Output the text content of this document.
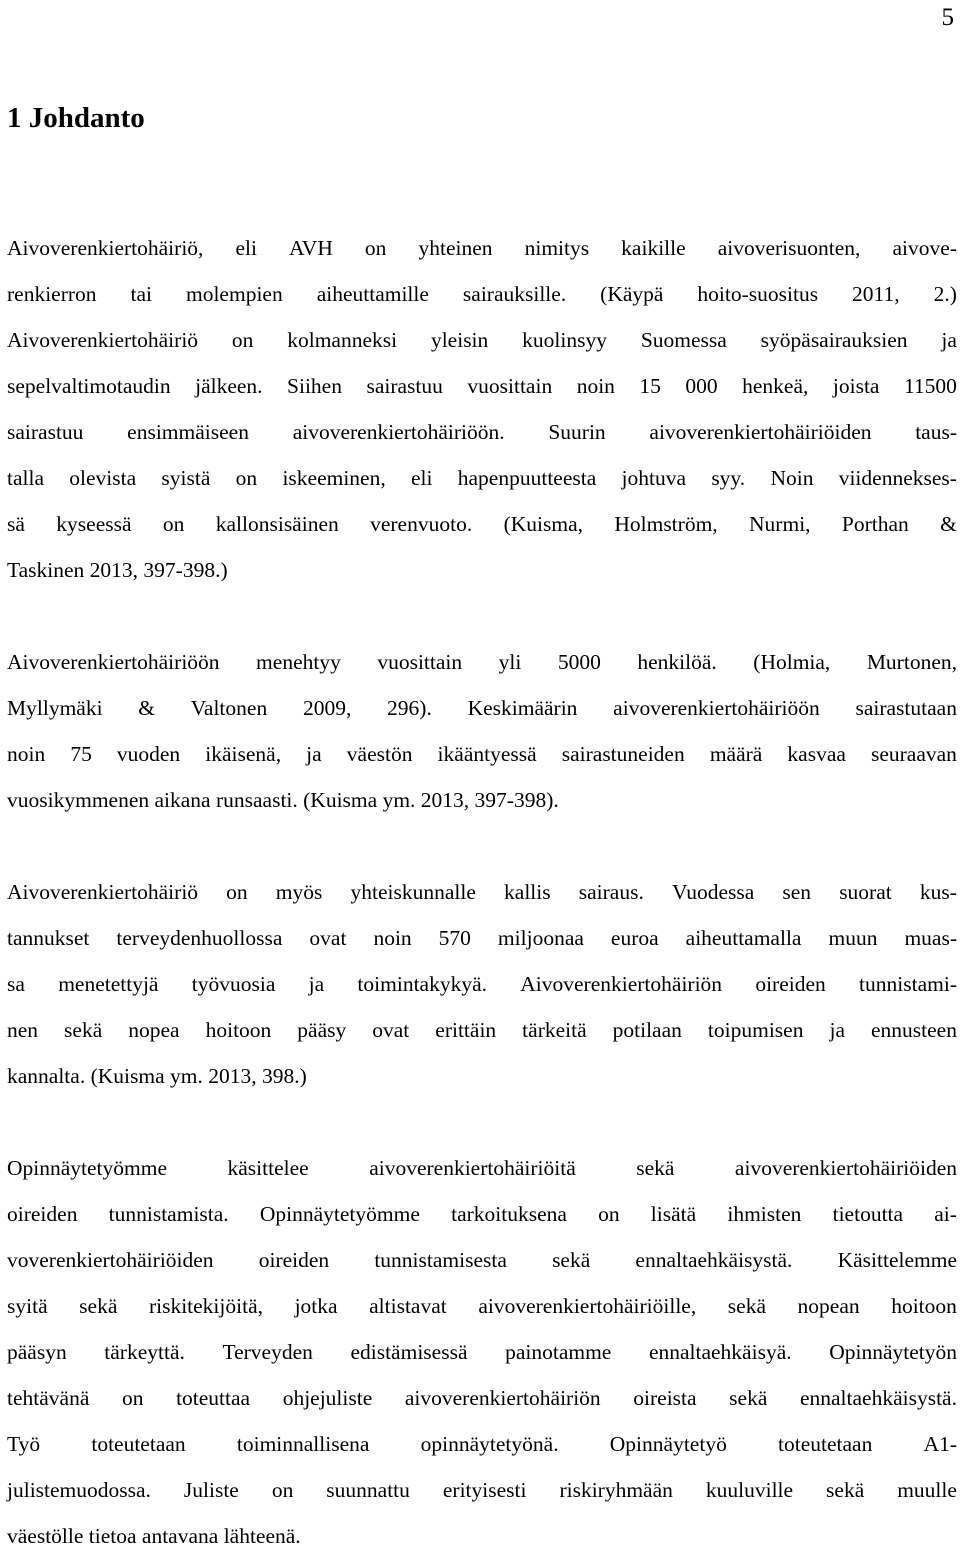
5
1 Johdanto
Aivoverenkiertohäiriö, eli AVH on yhteinen nimitys kaikille aivoverisuonten, aivove-
renkierron tai molempien aiheuttamille sairauksille. (Käypä hoito-suositus 2011, 2.)
Aivoverenkiertohäiriö on kolmanneksi yleisin kuolinsyy Suomessa syöpäsairauksien ja
sepelvaltimotaudin jälkeen. Siihen sairastuu vuosittain noin 15 000 henkeä, joista 11500
sairastuu ensimmäiseen aivoverenkiertohäiriöön. Suurin aivoverenkiertohäiriöiden taus-
talla olevista syistä on iskeeminen, eli hapenpuutteesta johtuva syy. Noin viidennekses-
sä kyseessä on kallonsisäinen verenvuoto. (Kuisma, Holmström, Nurmi, Porthan &
Taskinen 2013, 397-398.)
Aivoverenkiertohäiriöön menehtyy vuosittain yli 5000 henkilöä. (Holmia, Murtonen,
Myllymäki & Valtonen 2009, 296). Keskimäärin aivoverenkiertohäiriöön sairastutaan
noin 75 vuoden ikäisenä, ja väestön ikääntyessä sairastuneiden määrä kasvaa seuraavan
vuosikymmenen aikana runsaasti. (Kuisma ym. 2013, 397-398).
Aivoverenkiertohäiriö on myös yhteiskunnalle kallis sairaus. Vuodessa sen suorat kus-
tannukset terveydenhuollossa ovat noin 570 miljoonaa euroa aiheuttamalla muun muas-
sa menetettyjä työvuosia ja toimintakykyä. Aivoverenkiertohäiriön oireiden tunnistami-
nen sekä nopea hoitoon pääsy ovat erittäin tärkeitä potilaan toipumisen ja ennusteen
kannalta. (Kuisma ym. 2013, 398.)
Opinnäytetyömme	käsittelee	aivoverenkiertohäiriöitä	sekä	aivoverenkiertohäiriöiden
oireiden tunnistamista. Opinnäytetyömme tarkoituksena on lisätä ihmisten tietoutta ai-
voverenkiertohäiriöiden oireiden tunnistamisesta sekä ennaltaehkäisystä. Käsittelemme
syitä sekä riskitekijöitä, jotka altistavat aivoverenkiertohäiriöille, sekä nopean hoitoon
pääsyn tärkeyttä. Terveyden edistämisessä painotamme ennaltaehkäisyä. Opinnäytetyön
tehtävänä on toteuttaa ohjejuliste aivoverenkiertohäiriön oireista sekä ennaltaehkäisystä.
Työ toteutetaan toiminnallisena opinnäytetyönä. Opinnäytetyö toteutetaan A1-
julistemuodossa. Juliste on suunnattu erityisesti riskiryhmään kuuluville sekä muulle
väestölle tietoa antavana lähteenä.
